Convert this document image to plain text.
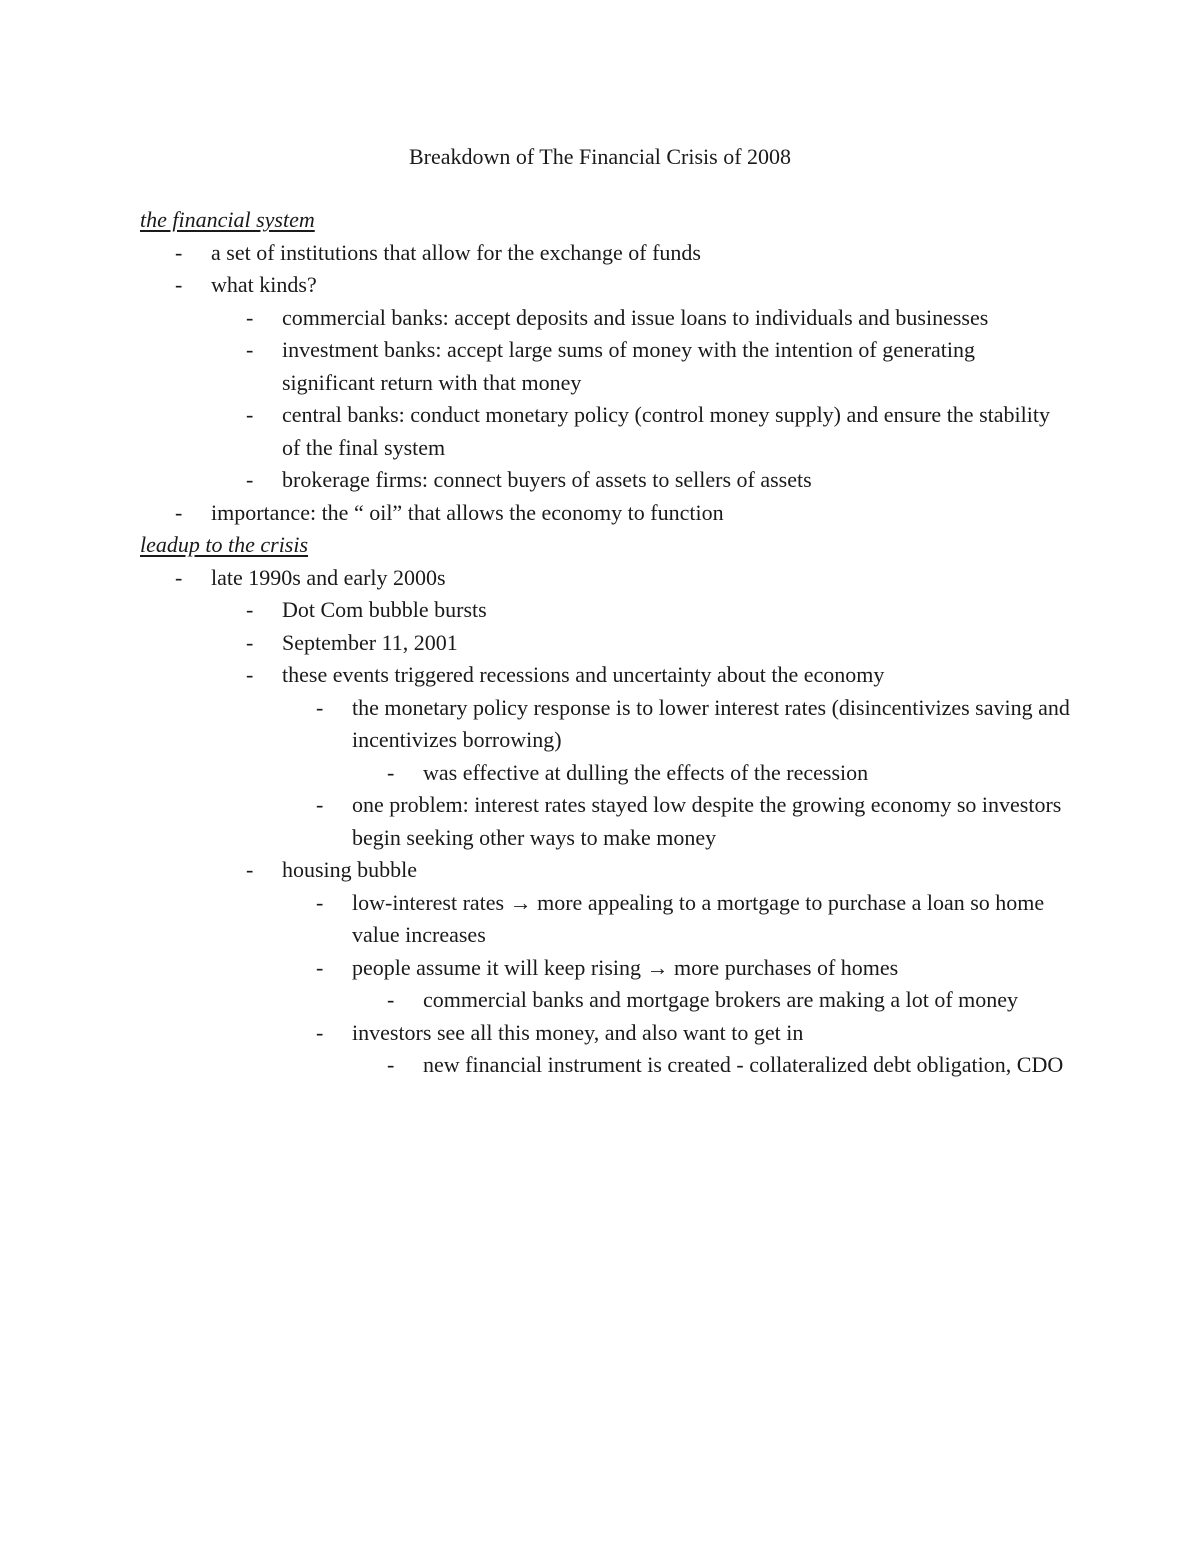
Breakdown of The Financial Crisis of 2008

the financial system

- a set of institutions that allow for the exchange of funds
- what kinds?
- commercial banks: accept deposits and issue loans to individuals and businesses
- investment banks: accept large sums of money with the intention of generating significant return with that money
- central banks: conduct monetary policy (control money supply) and ensure the stability of the final system
- brokerage firms: connect buyers of assets to sellers of assets
- importance: the “ oil” that allows the economy to function

leadup to the crisis

- late 1990s and early 2000s
- Dot Com bubble bursts
- September 11, 2001
- these events triggered recessions and uncertainty about the economy
- the monetary policy response is to lower interest rates (disincentivizes saving and incentivizes borrowing)
- was effective at dulling the effects of the recession
- one problem: interest rates stayed low despite the growing economy so investors begin seeking other ways to make money
- housing bubble
- low-interest rates → more appealing to a mortgage to purchase a loan so home value increases
- people assume it will keep rising → more purchases of homes
- commercial banks and mortgage brokers are making a lot of money
- investors see all this money, and also want to get in
- new financial instrument is created - collateralized debt obligation, CDO
